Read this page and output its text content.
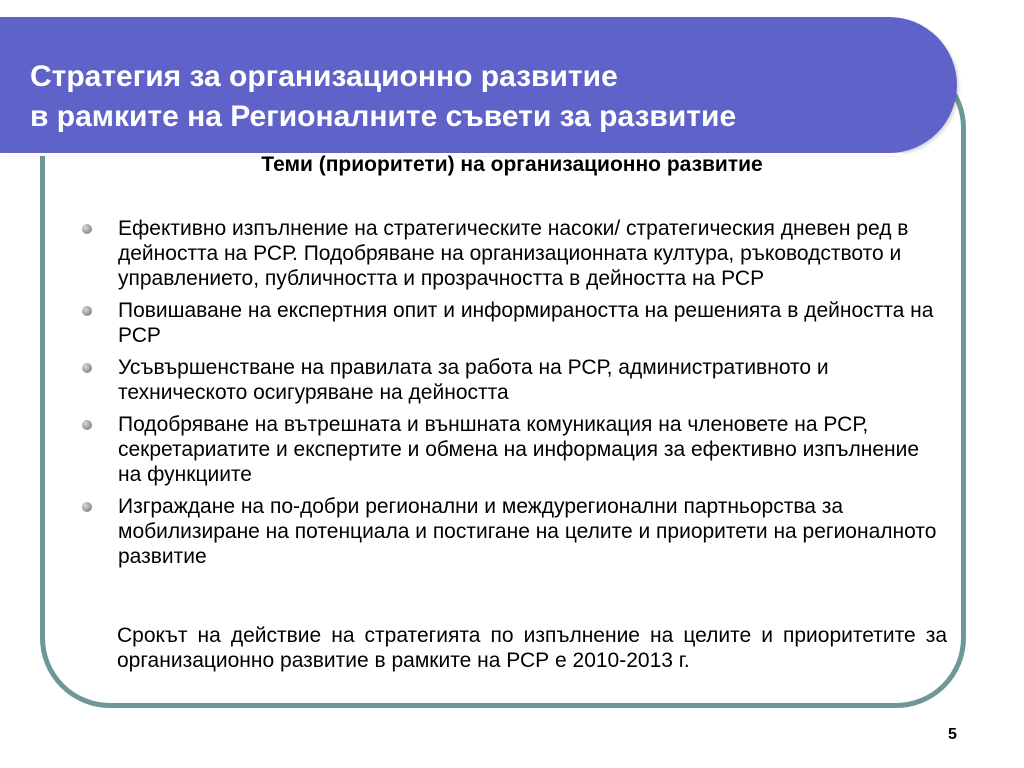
Стратегия за организационно развитие
в рамките на Регионалните съвети за развитие
Теми (приоритети) на организационно развитие
Ефективно изпълнение на стратегическите насоки/ стратегическия дневен ред в дейността на РСР. Подобряване на организационната култура, ръководството и управлението, публичността и прозрачността в дейността на РСР
Повишаване на експертния опит и информираността на решенията в дейността на РСР
Усъвършенстване на правилата за работа на РСР, административното и техническото осигуряване на дейността
Подобряване на вътрешната и външната комуникация на членовете на РСР, секретариатите и експертите и обмена на информация за ефективно изпълнение на функциите
Изграждане на по-добри регионални и междурегионални партньорства за мобилизиране на потенциала и постигане на целите и приоритети на регионалното развитие

Срокът на действие на стратегията по изпълнение на целите и приоритетите за организационно развитие в рамките на РСР е 2010-2013 г.

5
